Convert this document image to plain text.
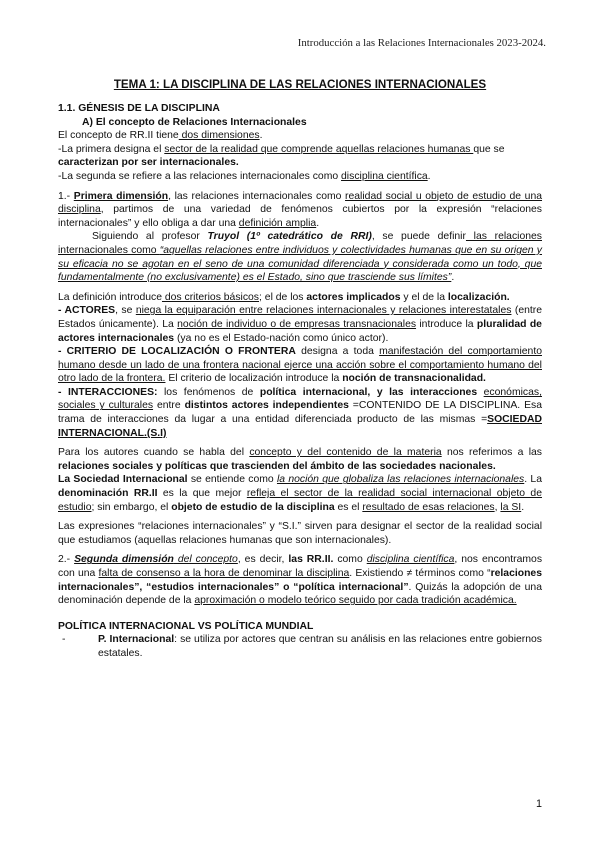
Introducción a las Relaciones Internacionales 2023-2024.
TEMA 1: LA DISCIPLINA DE LAS RELACIONES INTERNACIONALES

1.1. GÉNESIS DE LA DISCIPLINA

A) El concepto de Relaciones Internacionales

El concepto de RR.II tiene dos dimensiones.

-La primera designa el sector de la realidad que comprende aquellas relaciones humanas que se caracterizan por ser internacionales.

-La segunda se refiere a las relaciones internacionales como disciplina científica.

1.- Primera dimensión, las relaciones internacionales como realidad social u objeto de estudio de una disciplina, partimos de una variedad de fenómenos cubiertos por la expresión “relaciones internacionales” y ello obliga a dar una definición amplia.

Siguiendo al profesor Truyol (1º catedrático de RRI), se puede definir las relaciones internacionales como “aquellas relaciones entre individuos y colectividades humanas que en su origen y su eficacia no se agotan en el seno de una comunidad diferenciada y considerada como un todo, que fundamentalmente (no exclusivamente) es el Estado, sino que trasciende sus límites”.

La definición introduce dos criterios básicos; el de los actores implicados y el de la localización.

- ACTORES, se niega la equiparación entre relaciones internacionales y relaciones interestatales (entre Estados únicamente). La noción de individuo o de empresas transnacionales introduce la pluralidad de actores internacionales (ya no es el Estado-nación como único actor).

- CRITERIO DE LOCALIZACIÓN O FRONTERA designa a toda manifestación del comportamiento humano desde un lado de una frontera nacional ejerce una acción sobre el comportamiento humano del otro lado de la frontera. El criterio de localización introduce la noción de transnacionalidad.

- INTERACCIONES: los fenómenos de política internacional, y las interacciones económicas, sociales y culturales entre distintos actores independientes =CONTENIDO DE LA DISCIPLINA. Esa trama de interacciones da lugar a una entidad diferenciada producto de las mismas =SOCIEDAD INTERNACIONAL.(S.I)

Para los autores cuando se habla del concepto y del contenido de la materia nos referimos a las relaciones sociales y políticas que trascienden del ámbito de las sociedades nacionales.

La Sociedad Internacional se entiende como la noción que globaliza las relaciones internacionales. La denominación RR.II es la que mejor refleja el sector de la realidad social internacional objeto de estudio; sin embargo, el objeto de estudio de la disciplina es el resultado de esas relaciones, la SI.

Las expresiones “relaciones internacionales” y “S.I.” sirven para designar el sector de la realidad social que estudiamos (aquellas relaciones humanas que son internacionales).

2.- Segunda dimensión del concepto, es decir, las RR.II. como disciplina científica, nos encontramos con una falta de consenso a la hora de denominar la disciplina. Existiendo ≠ términos como “relaciones internacionales”, “estudios internacionales” o “política internacional”. Quizás la adopción de una denominación depende de la aproximación o modelo teórico seguido por cada tradición académica.

POLÍTICA INTERNACIONAL VS POLÍTICA MUNDIAL

-	P. Internacional: se utiliza por actores que centran su análisis en las relaciones entre gobiernos estatales.

1
